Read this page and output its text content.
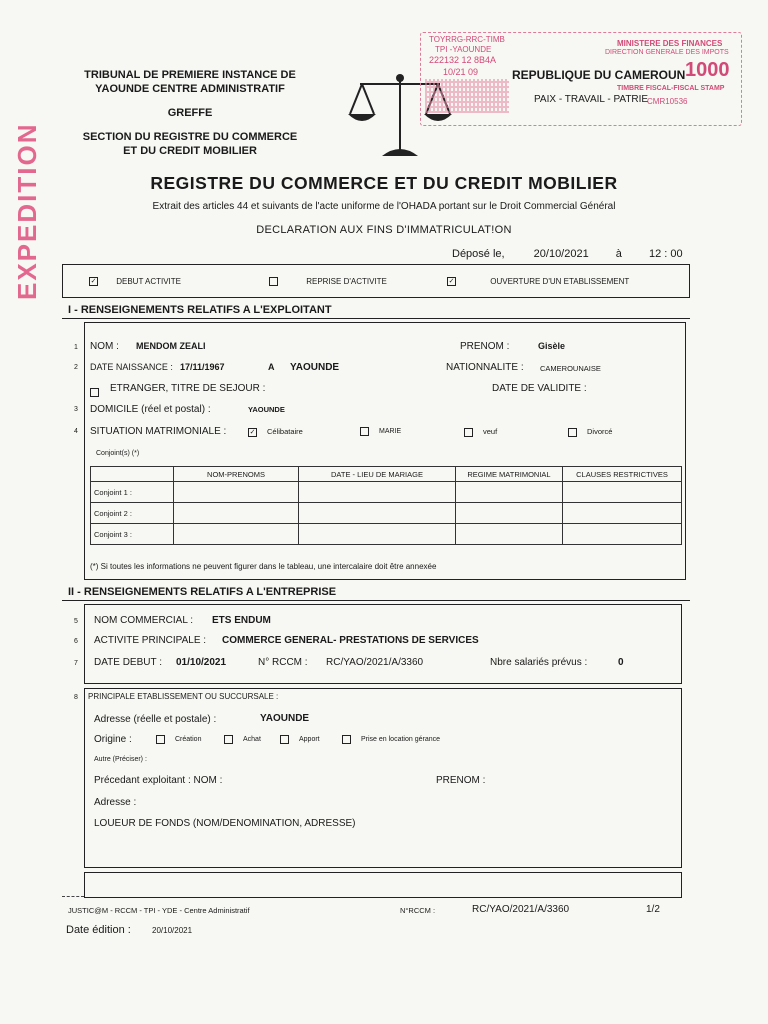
EXPEDITION
TRIBUNAL DE PREMIERE INSTANCE DE
YAOUNDE CENTRE ADMINISTRATIF
GREFFE
SECTION DU REGISTRE DU COMMERCE
ET DU CREDIT MOBILIER
TOYRRG-RRC-TIMB
TPI -YAOUNDE
222132 12 8B4A
10/21 09
MINISTERE DES FINANCES
DIRECTION GENERALE DES IMPOTS
1000
TIMBRE FISCAL-FISCAL STAMP
CMR10536
REPUBLIQUE DU CAMEROUN
PAIX - TRAVAIL - PATRIE
REGISTRE DU COMMERCE ET DU CREDIT MOBILIER
Extrait des articles 44 et suivants de l'acte uniforme de l'OHADA portant sur le Droit Commercial Général
DECLARATION AUX FINS D'IMMATRICULAT!ON
Déposé le,	20/10/2021 à 12 : 00
✓ DEBUT ACTIVITE	REPRISE D'ACTIVITE	✓	OUVERTURE D'UN ETABLISSEMENT
I - RENSEIGNEMENTS RELATIFS A L'EXPLOITANT
1 NOM : MENDOM ZEALI	PRENOM :	Gisèle
2 DATE NAISSANCE : 17/11/1967	A YAOUNDE	NATIONNALITE : CAMEROUNAISE
ETRANGER, TITRE DE SEJOUR :	DATE DE VALIDITE :
3 DOMICILE (réel et postal) :	YAOUNDE
4 SITUATION MATRIMONIALE :	✓ Célibataire	MARIE	veuf	Divorcé
Conjoint(s) (*)
	NOM-PRENOMS	DATE - LIEU DE MARIAGE	REGIME MATRIMONIAL	CLAUSES RESTRICTIVES
Conjoint 1 :				
Conjoint 2 :				
Conjoint 3 :				
(*) Si toutes les informations ne peuvent figurer dans le tableau, une intercalaire doit être annexée
II - RENSEIGNEMENTS RELATIFS A L'ENTREPRISE
5 NOM COMMERCIAL : ETS ENDUM
6 ACTIVITE PRINCIPALE : COMMERCE GENERAL- PRESTATIONS DE SERVICES
7 DATE DEBUT : 01/10/2021	N° RCCM : RC/YAO/2021/A/3360	Nbre salariés prévus :	0
8 PRINCIPALE ETABLISSEMENT OU SUCCURSALE :
Adresse (réelle et postale) :	YAOUNDE
Origine :	Création	Achat	Apport	Prise en location gérance
Autre (Préciser) :
Précedant exploitant : NOM :	PRENOM :
Adresse :
LOUEUR DE FONDS (NOM/DENOMINATION, ADRESSE)
JUSTIC@M - RCCM - TPI - YDE - Centre Administratif	N°RCCM :	RC/YAO/2021/A/3360	1/2
Date édition :	20/10/2021
